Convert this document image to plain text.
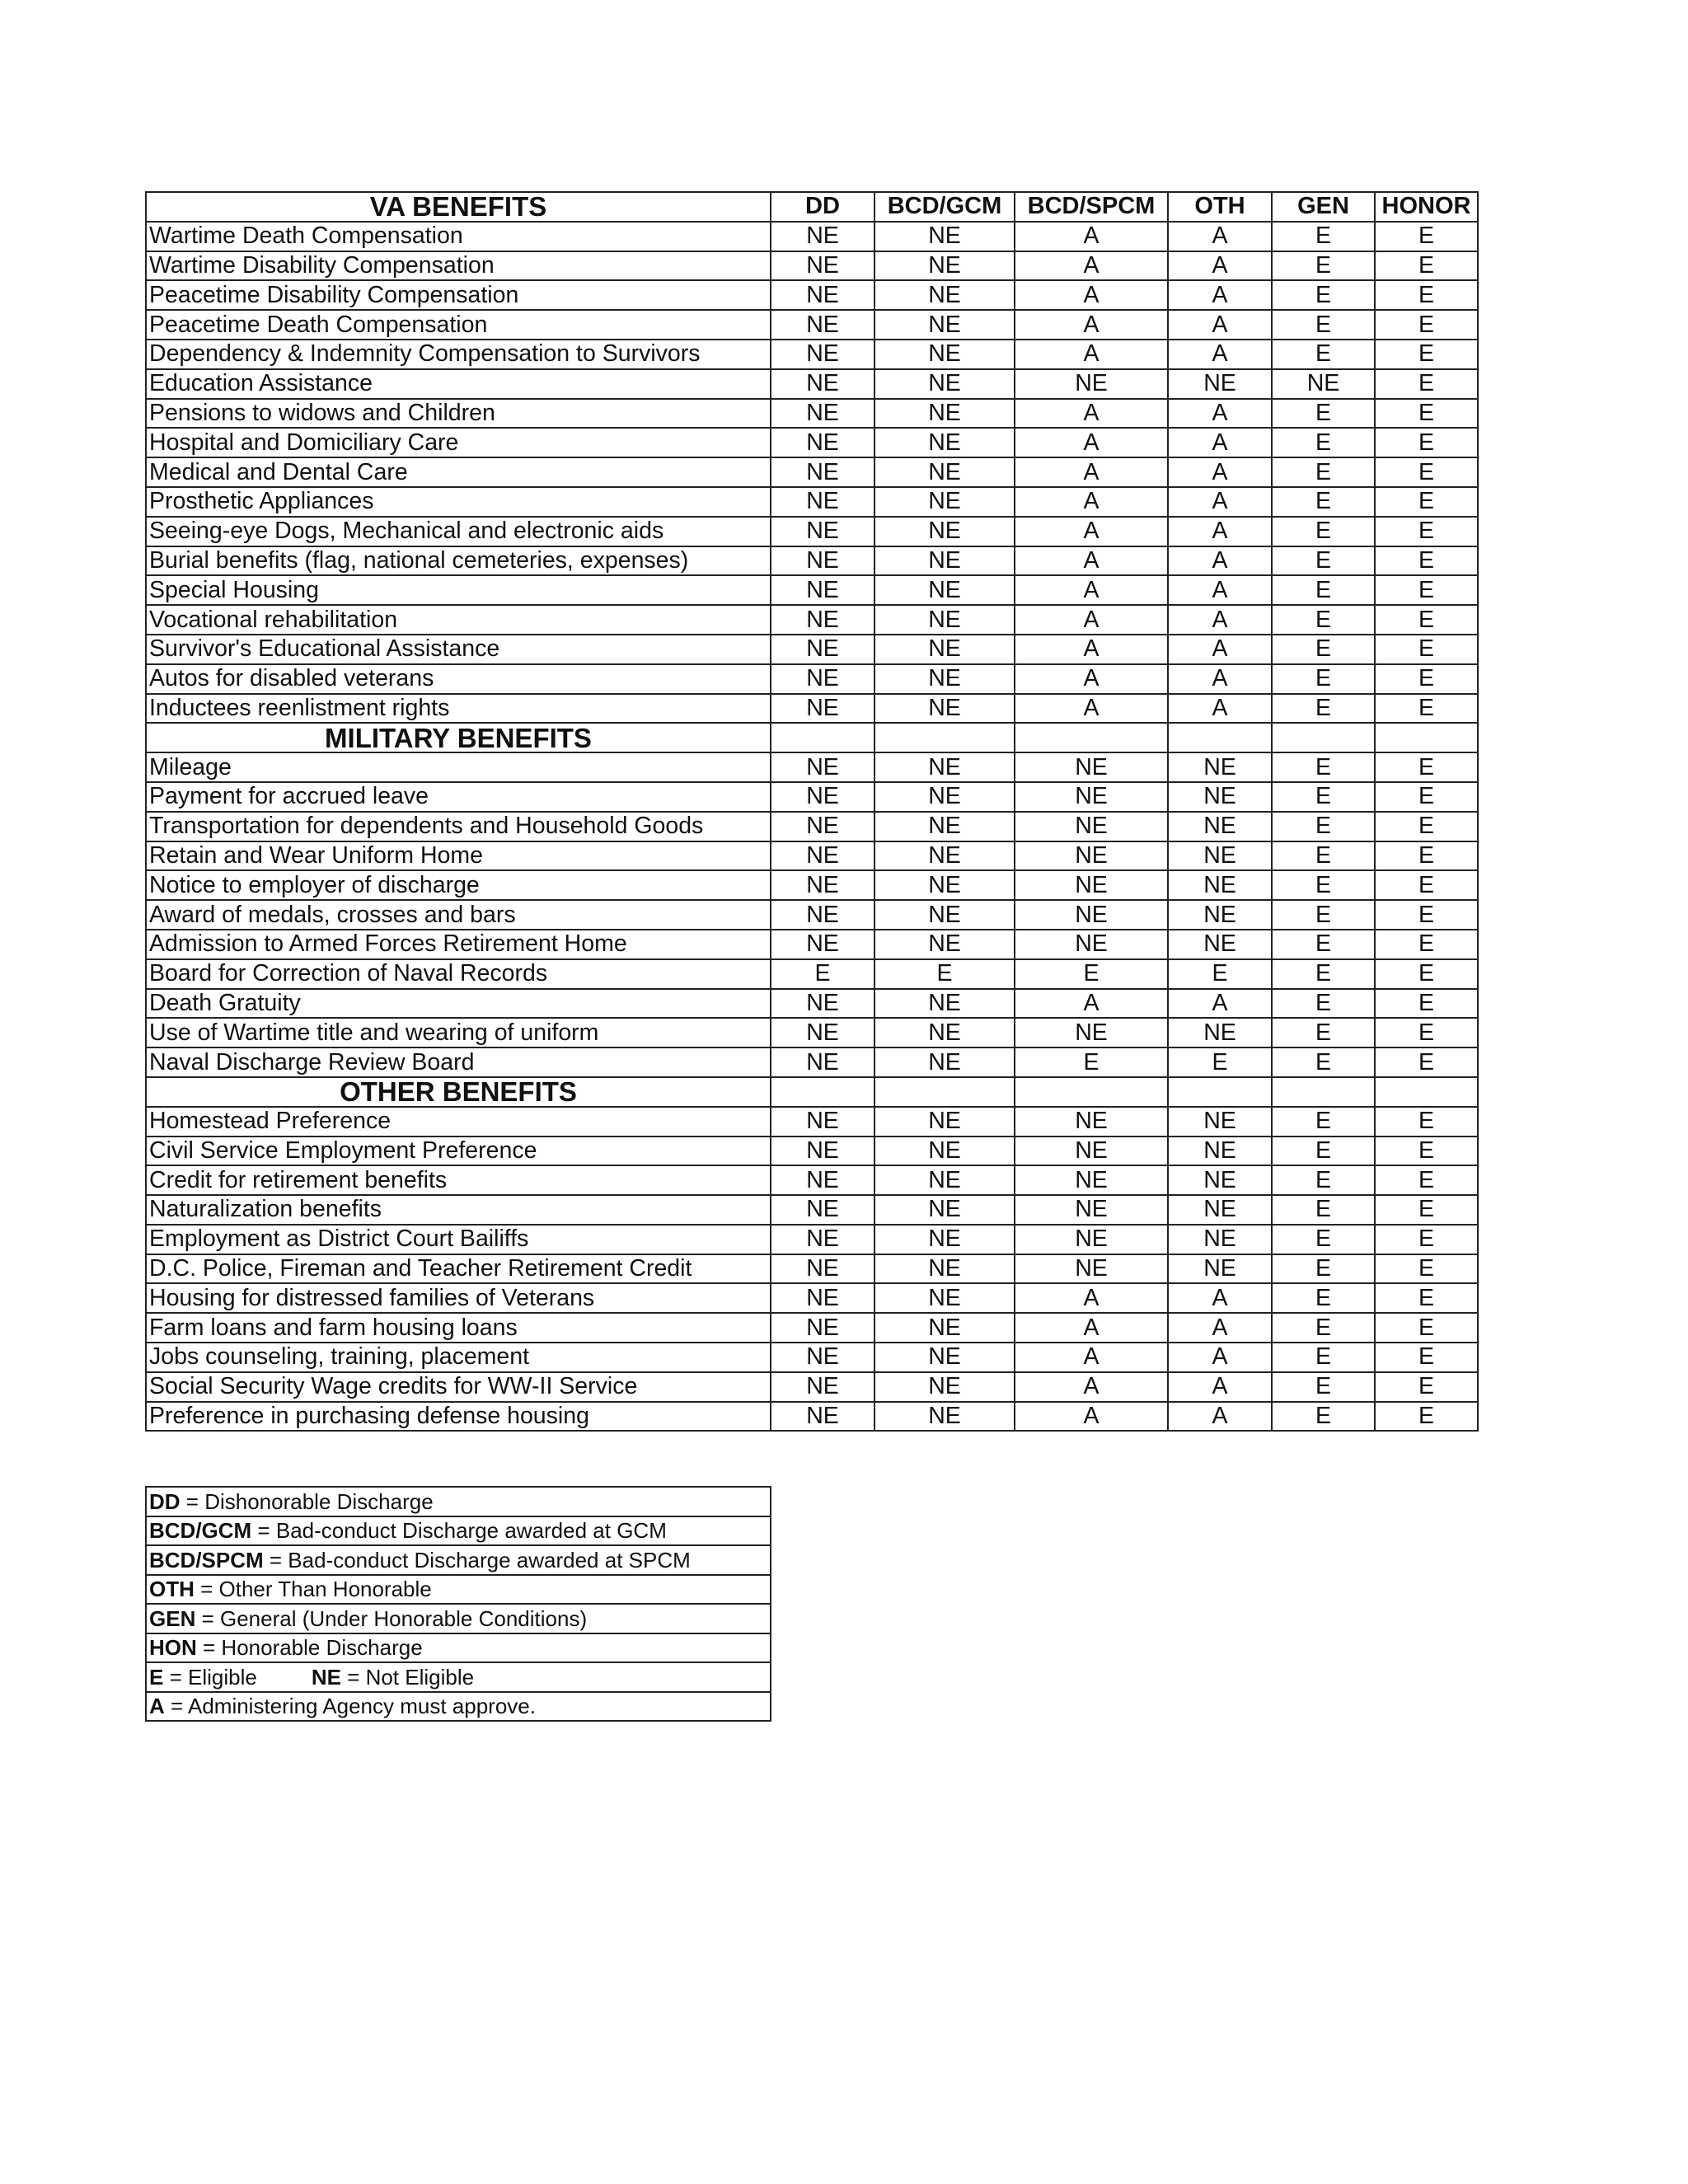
VA BENEFITS	DD	BCD/GCM	BCD/SPCM	OTH	GEN	HONOR
Wartime Death Compensation	NE	NE	A	A	E	E
Wartime Disability Compensation	NE	NE	A	A	E	E
Peacetime Disability Compensation	NE	NE	A	A	E	E
Peacetime Death Compensation	NE	NE	A	A	E	E
Dependency & Indemnity Compensation to Survivors	NE	NE	A	A	E	E
Education Assistance	NE	NE	NE	NE	NE	E
Pensions to widows and Children	NE	NE	A	A	E	E
Hospital and Domiciliary Care	NE	NE	A	A	E	E
Medical and Dental Care	NE	NE	A	A	E	E
Prosthetic Appliances	NE	NE	A	A	E	E
Seeing-eye Dogs, Mechanical and electronic aids	NE	NE	A	A	E	E
Burial benefits (flag, national cemeteries, expenses)	NE	NE	A	A	E	E
Special Housing	NE	NE	A	A	E	E
Vocational rehabilitation	NE	NE	A	A	E	E
Survivor's Educational Assistance	NE	NE	A	A	E	E
Autos for disabled veterans	NE	NE	A	A	E	E
Inductees reenlistment rights	NE	NE	A	A	E	E
MILITARY BENEFITS						
Mileage	NE	NE	NE	NE	E	E
Payment for accrued leave	NE	NE	NE	NE	E	E
Transportation for dependents and Household Goods	NE	NE	NE	NE	E	E
Retain and Wear Uniform Home	NE	NE	NE	NE	E	E
Notice to employer of discharge	NE	NE	NE	NE	E	E
Award of medals, crosses and bars	NE	NE	NE	NE	E	E
Admission to Armed Forces Retirement Home	NE	NE	NE	NE	E	E
Board for Correction of Naval Records	E	E	E	E	E	E
Death Gratuity	NE	NE	A	A	E	E
Use of Wartime title and wearing of uniform	NE	NE	NE	NE	E	E
Naval Discharge Review Board	NE	NE	E	E	E	E
OTHER BENEFITS						
Homestead Preference	NE	NE	NE	NE	E	E
Civil Service Employment Preference	NE	NE	NE	NE	E	E
Credit for retirement benefits	NE	NE	NE	NE	E	E
Naturalization benefits	NE	NE	NE	NE	E	E
Employment as District Court Bailiffs	NE	NE	NE	NE	E	E
D.C. Police, Fireman and Teacher Retirement Credit	NE	NE	NE	NE	E	E
Housing for distressed families of Veterans	NE	NE	A	A	E	E
Farm loans and farm housing loans	NE	NE	A	A	E	E
Jobs counseling, training, placement	NE	NE	A	A	E	E
Social Security Wage credits for WW-II Service	NE	NE	A	A	E	E
Preference in purchasing defense housing	NE	NE	A	A	E	E
DD = Dishonorable Discharge
BCD/GCM = Bad-conduct Discharge awarded at GCM
BCD/SPCM = Bad-conduct Discharge awarded at SPCM
OTH = Other Than Honorable
GEN = General (Under Honorable Conditions)
HON = Honorable Discharge
E = Eligible	NE = Not Eligible
A = Administering Agency must approve.
